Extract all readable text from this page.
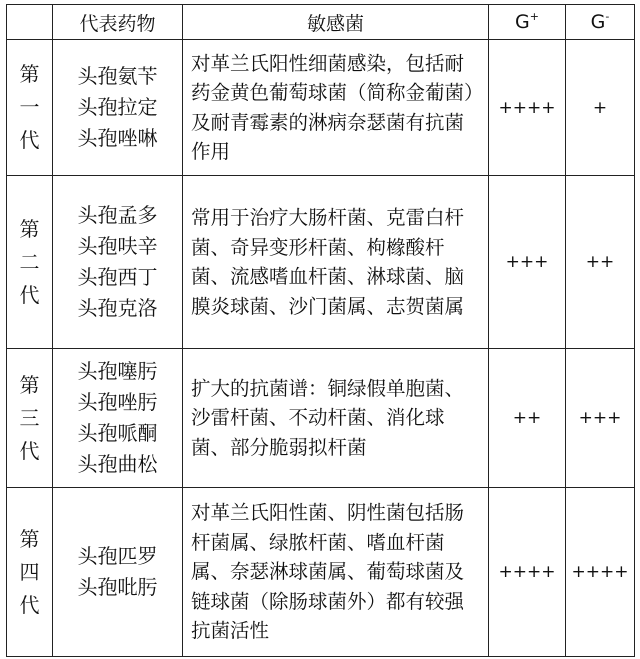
	代表药物	敏感菌	G+	G-

第
一
代	头孢氨苄
头孢拉定
头孢唑啉	对革兰氏阳性细菌感染，包括耐药金黄色葡萄球菌（简称金葡菌）及耐青霉素的淋病奈瑟菌有抗菌作用	++++	+

第
二
代	头孢孟多
头孢呋辛
头孢西丁
头孢克洛	常用于治疗大肠杆菌、克雷白杆菌、奇异变形杆菌、枸橼酸杆菌、流感嗜血杆菌、淋球菌、脑膜炎球菌、沙门菌属、志贺菌属	+++	++

第
三
代	头孢噻肟
头孢唑肟
头孢哌酮
头孢曲松	扩大的抗菌谱：铜绿假单胞菌、沙雷杆菌、不动杆菌、消化球菌、部分脆弱拟杆菌	++	+++

第
四
代	头孢匹罗
头孢吡肟	对革兰氏阳性菌、阴性菌包括肠杆菌属、绿脓杆菌、嗜血杆菌属、奈瑟淋球菌属、葡萄球菌及链球菌（除肠球菌外）都有较强抗菌活性	++++	++++
